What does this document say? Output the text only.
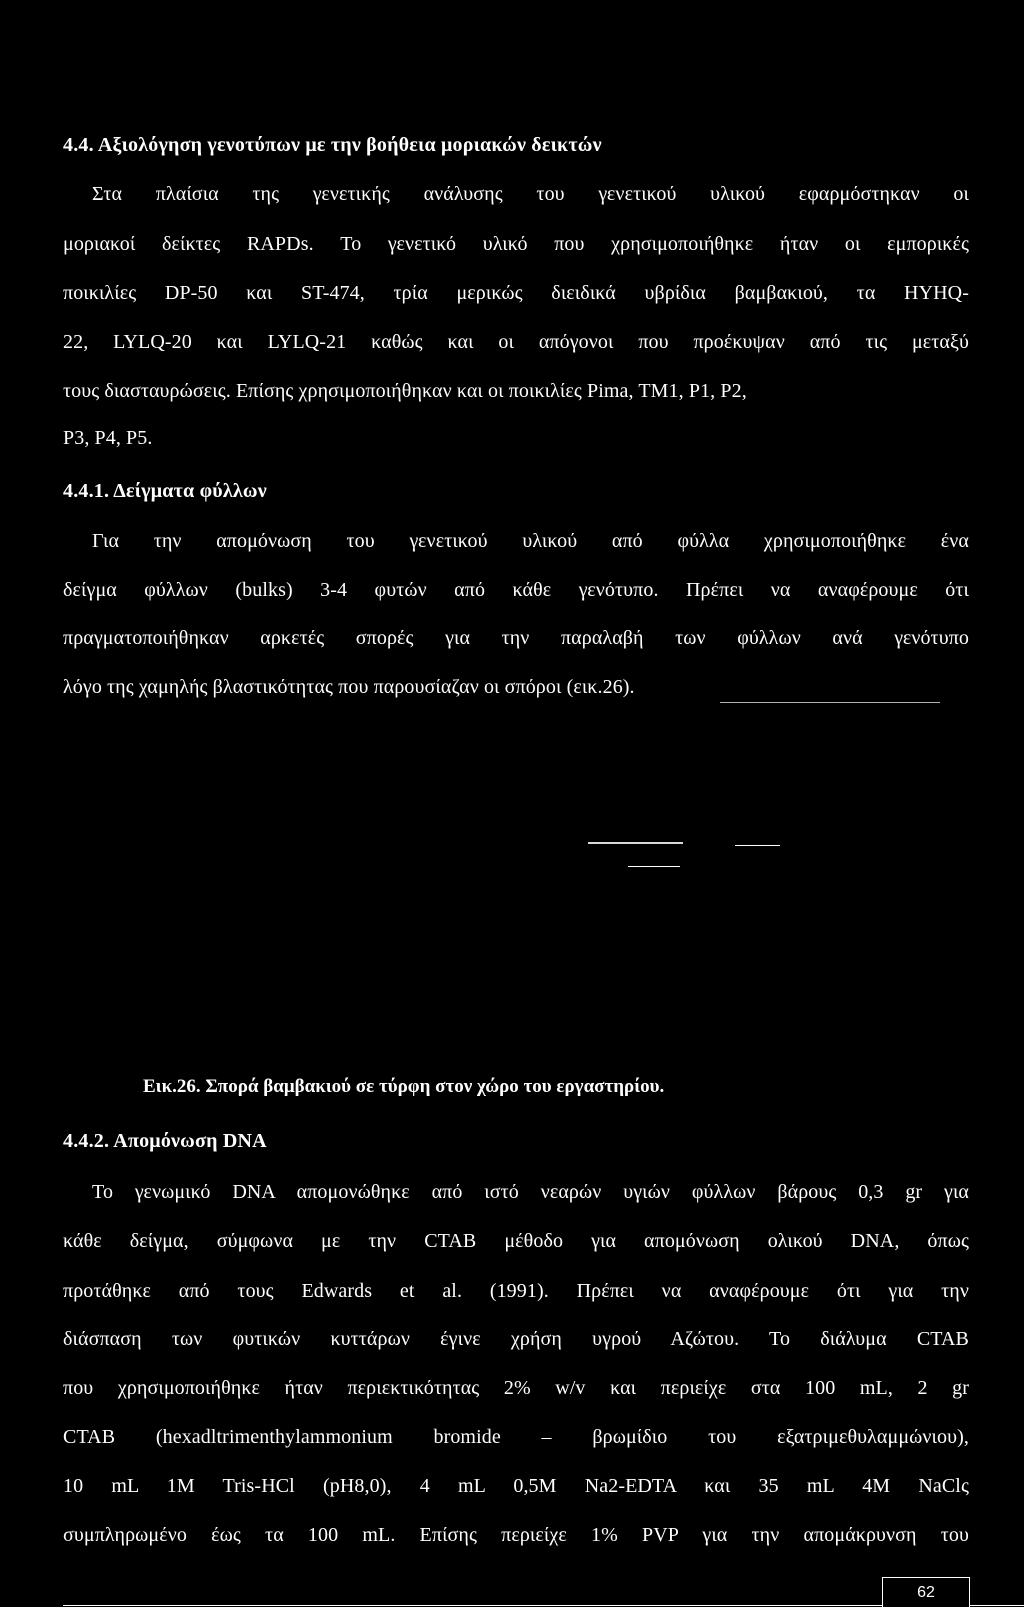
4.4. Αξιολόγηση γενοτύπων με την βοήθεια μοριακών δεικτών
Στα πλαίσια της γενετικής ανάλυσης του γενετικού υλικού εφαρμόστηκαν οι
μοριακοί δείκτες RAPDs. Το γενετικό υλικό που χρησιμοποιήθηκε ήταν οι εμπορικές
ποικιλίες DP-50 και ST-474, τρία μερικώς διειδικά υβρίδια βαμβακιού, τα HYHQ-
22, LYLQ-20 και LYLQ-21 καθώς και οι απόγονοι που προέκυψαν από τις μεταξύ
τους διασταυρώσεις. Επίσης χρησιμοποιήθηκαν και οι ποικιλίες Pima, TM1, P1, P2,
P3, P4, P5.
4.4.1. Δείγματα φύλλων
Για την απομόνωση του γενετικού υλικού από φύλλα χρησιμοποιήθηκε ένα
δείγμα φύλλων (bulks) 3-4 φυτών από κάθε γενότυπο. Πρέπει να αναφέρουμε ότι
πραγματοποιήθηκαν αρκετές σπορές για την παραλαβή των φύλλων ανά γενότυπο
λόγο της χαμηλής βλαστικότητας που παρουσίαζαν οι σπόροι (εικ.26).
Εικ.26. Σπορά βαμβακιού σε τύρφη στον χώρο του εργαστηρίου.
4.4.2. Απομόνωση DNA
Το γενωμικό DNA απομονώθηκε από ιστό νεαρών υγιών φύλλων βάρους 0,3 gr για
κάθε δείγμα, σύμφωνα με την CTAB μέθοδο για απομόνωση ολικού DNA, όπως
προτάθηκε από τους Edwards et al. (1991). Πρέπει να αναφέρουμε ότι για την
διάσπαση των φυτικών κυττάρων έγινε χρήση υγρού Αζώτου. Το διάλυμα CTAB
που χρησιμοποιήθηκε ήταν περιεκτικότητας 2% w/v και περιείχε στα 100 mL, 2 gr
CTAB (hexadltrimenthylammonium bromide – βρωμίδιο του εξατριμεθυλαμμώνιου),
10 mL 1M Tris-HCl (pH8,0), 4 mL 0,5M Na2-EDTA και 35 mL 4M NaClς
συμπληρωμένο έως τα 100 mL. Επίσης περιείχε 1% PVP για την απομάκρυνση του
62
